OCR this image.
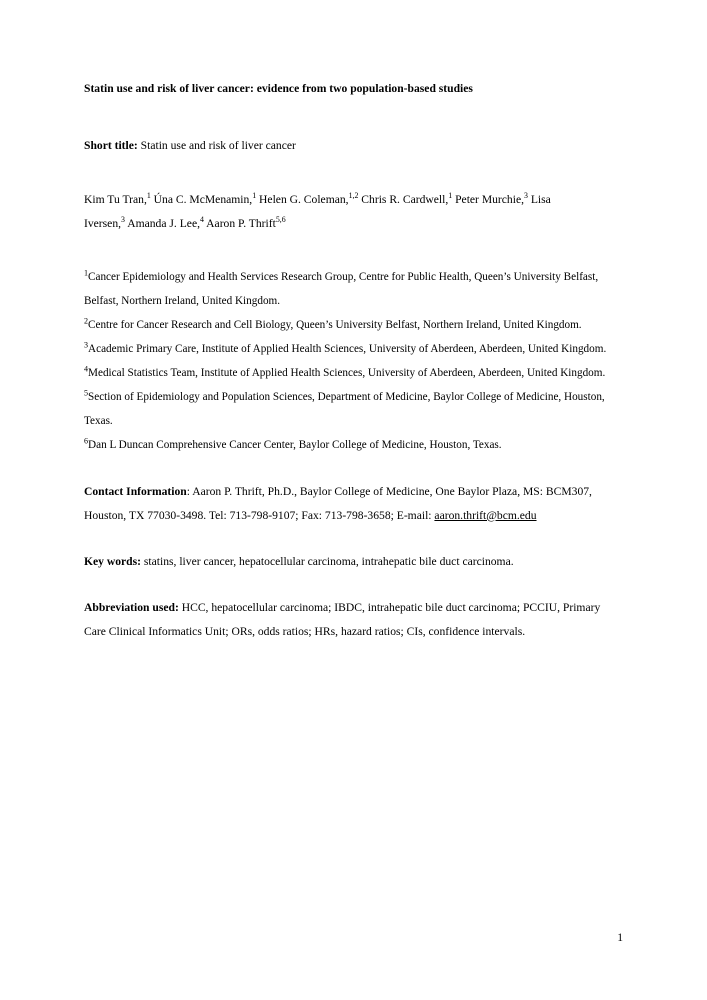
Statin use and risk of liver cancer: evidence from two population-based studies
Short title: Statin use and risk of liver cancer
Kim Tu Tran,$^1$ Úna C. McMenamin,$^1$ Helen G. Coleman,$^{1,2}$ Chris R. Cardwell,$^1$ Peter Murchie,$^3$ Lisa
Iversen,$^3$ Amanda J. Lee,$^4$ Aaron P. Thrift$^{5,6}$
$^1$Cancer Epidemiology and Health Services Research Group, Centre for Public Health, Queen’s University Belfast, Belfast, Northern Ireland, United Kingdom.
$^2$Centre for Cancer Research and Cell Biology, Queen’s University Belfast, Northern Ireland, United Kingdom.
$^3$Academic Primary Care, Institute of Applied Health Sciences, University of Aberdeen, Aberdeen, United Kingdom.
$^4$Medical Statistics Team, Institute of Applied Health Sciences, University of Aberdeen, Aberdeen, United Kingdom.
$^5$Section of Epidemiology and Population Sciences, Department of Medicine, Baylor College of Medicine, Houston, Texas.
$^6$Dan L Duncan Comprehensive Cancer Center, Baylor College of Medicine, Houston, Texas.
Contact Information: Aaron P. Thrift, Ph.D., Baylor College of Medicine, One Baylor Plaza, MS: BCM307, Houston, TX 77030-3498. Tel: 713-798-9107; Fax: 713-798-3658; E-mail: aaron.thrift@bcm.edu
Key words: statins, liver cancer, hepatocellular carcinoma, intrahepatic bile duct carcinoma.
Abbreviation used: HCC, hepatocellular carcinoma; IBDC, intrahepatic bile duct carcinoma; PCCIU, Primary Care Clinical Informatics Unit; ORs, odds ratios; HRs, hazard ratios; CIs, confidence intervals.
1
